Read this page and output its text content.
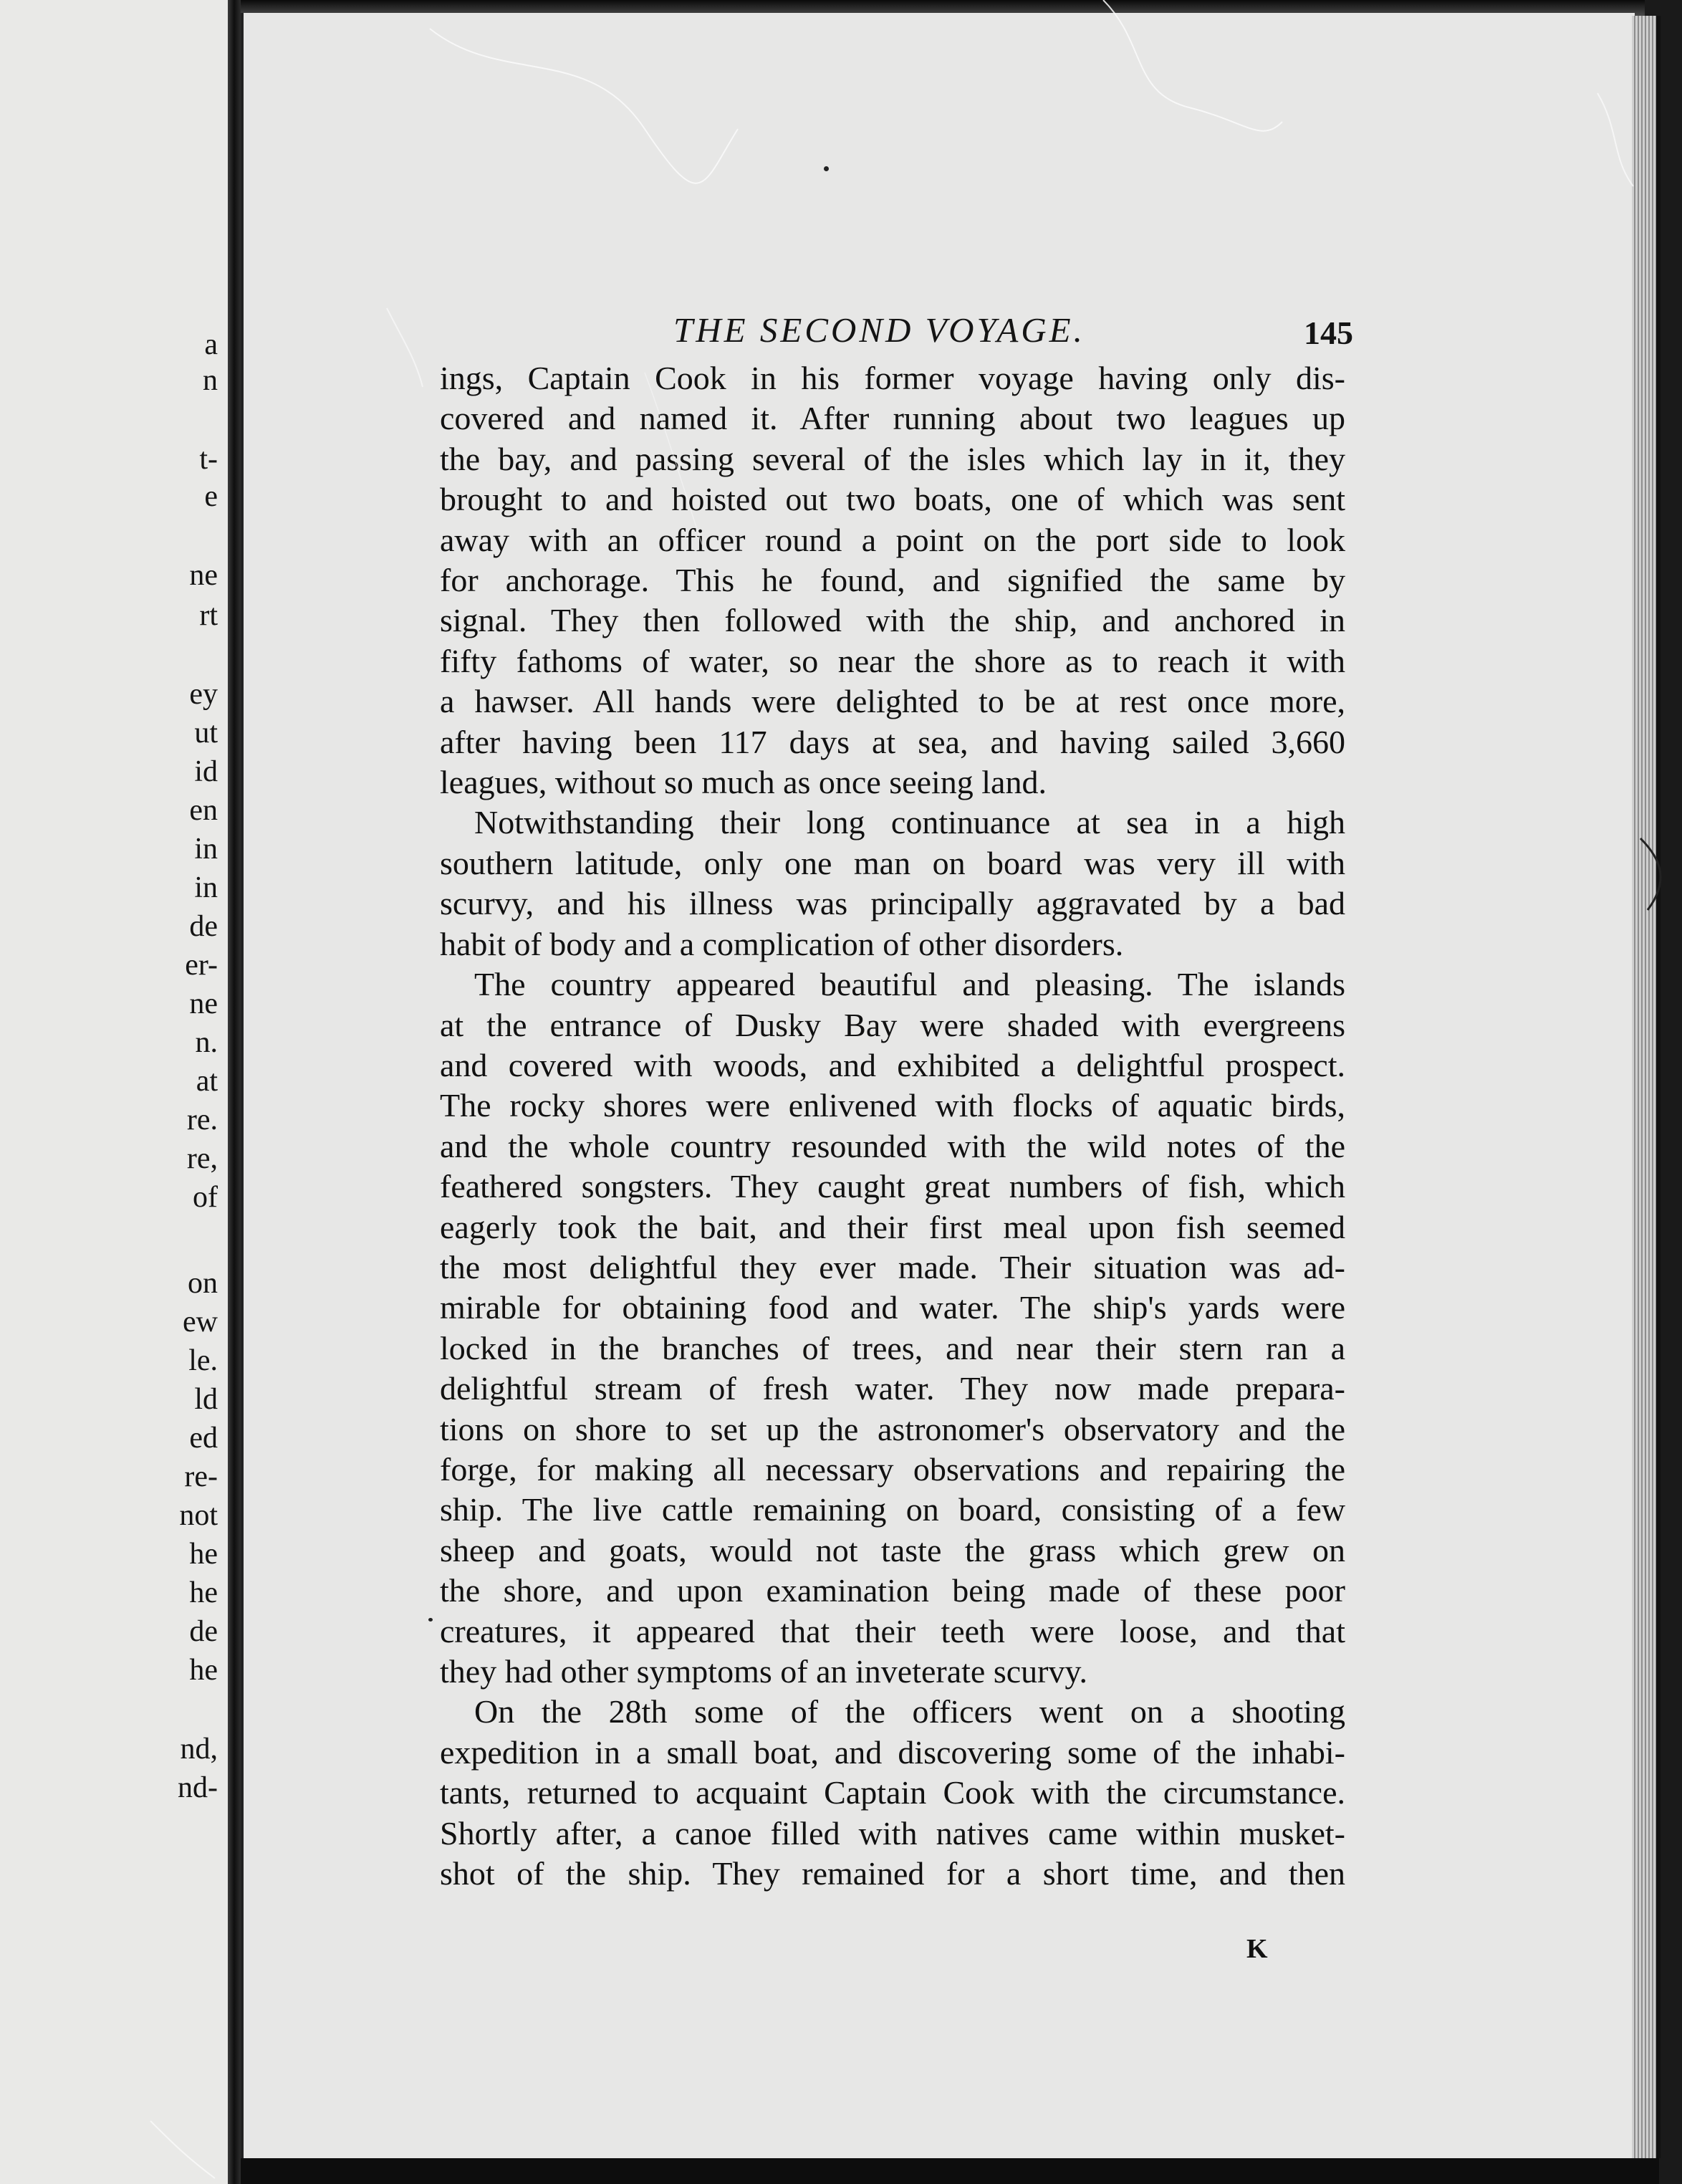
a
n
t-
e
ne
rt
ey
ut
id
en
in
in
de
er-
ne
n.
at
re.
re,
of
on
ew
le.
ld
ed
re-
not
he
he
de
he
nd,
nd-
THE SECOND VOYAGE.	145
ings, Captain Cook in his former voyage having only dis-
covered and named it. After running about two leagues up
the bay, and passing several of the isles which lay in it, they
brought to and hoisted out two boats, one of which was sent
away with an officer round a point on the port side to look
for anchorage. This he found, and signified the same by
signal. They then followed with the ship, and anchored in
fifty fathoms of water, so near the shore as to reach it with
a hawser. All hands were delighted to be at rest once more,
after having been 117 days at sea, and having sailed 3,660
leagues, without so much as once seeing land.
Notwithstanding their long continuance at sea in a high
southern latitude, only one man on board was very ill with
scurvy, and his illness was principally aggravated by a bad
habit of body and a complication of other disorders.
The country appeared beautiful and pleasing. The islands
at the entrance of Dusky Bay were shaded with evergreens
and covered with woods, and exhibited a delightful prospect.
The rocky shores were enlivened with flocks of aquatic birds,
and the whole country resounded with the wild notes of the
feathered songsters. They caught great numbers of fish, which
eagerly took the bait, and their first meal upon fish seemed
the most delightful they ever made. Their situation was ad-
mirable for obtaining food and water. The ship's yards were
locked in the branches of trees, and near their stern ran a
delightful stream of fresh water. They now made prepara-
tions on shore to set up the astronomer's observatory and the
forge, for making all necessary observations and repairing the
ship. The live cattle remaining on board, consisting of a few
sheep and goats, would not taste the grass which grew on
the shore, and upon examination being made of these poor
creatures, it appeared that their teeth were loose, and that
they had other symptoms of an inveterate scurvy.
On the 28th some of the officers went on a shooting
expedition in a small boat, and discovering some of the inhabi-
tants, returned to acquaint Captain Cook with the circumstance.
Shortly after, a canoe filled with natives came within musket-
shot of the ship. They remained for a short time, and then
K
